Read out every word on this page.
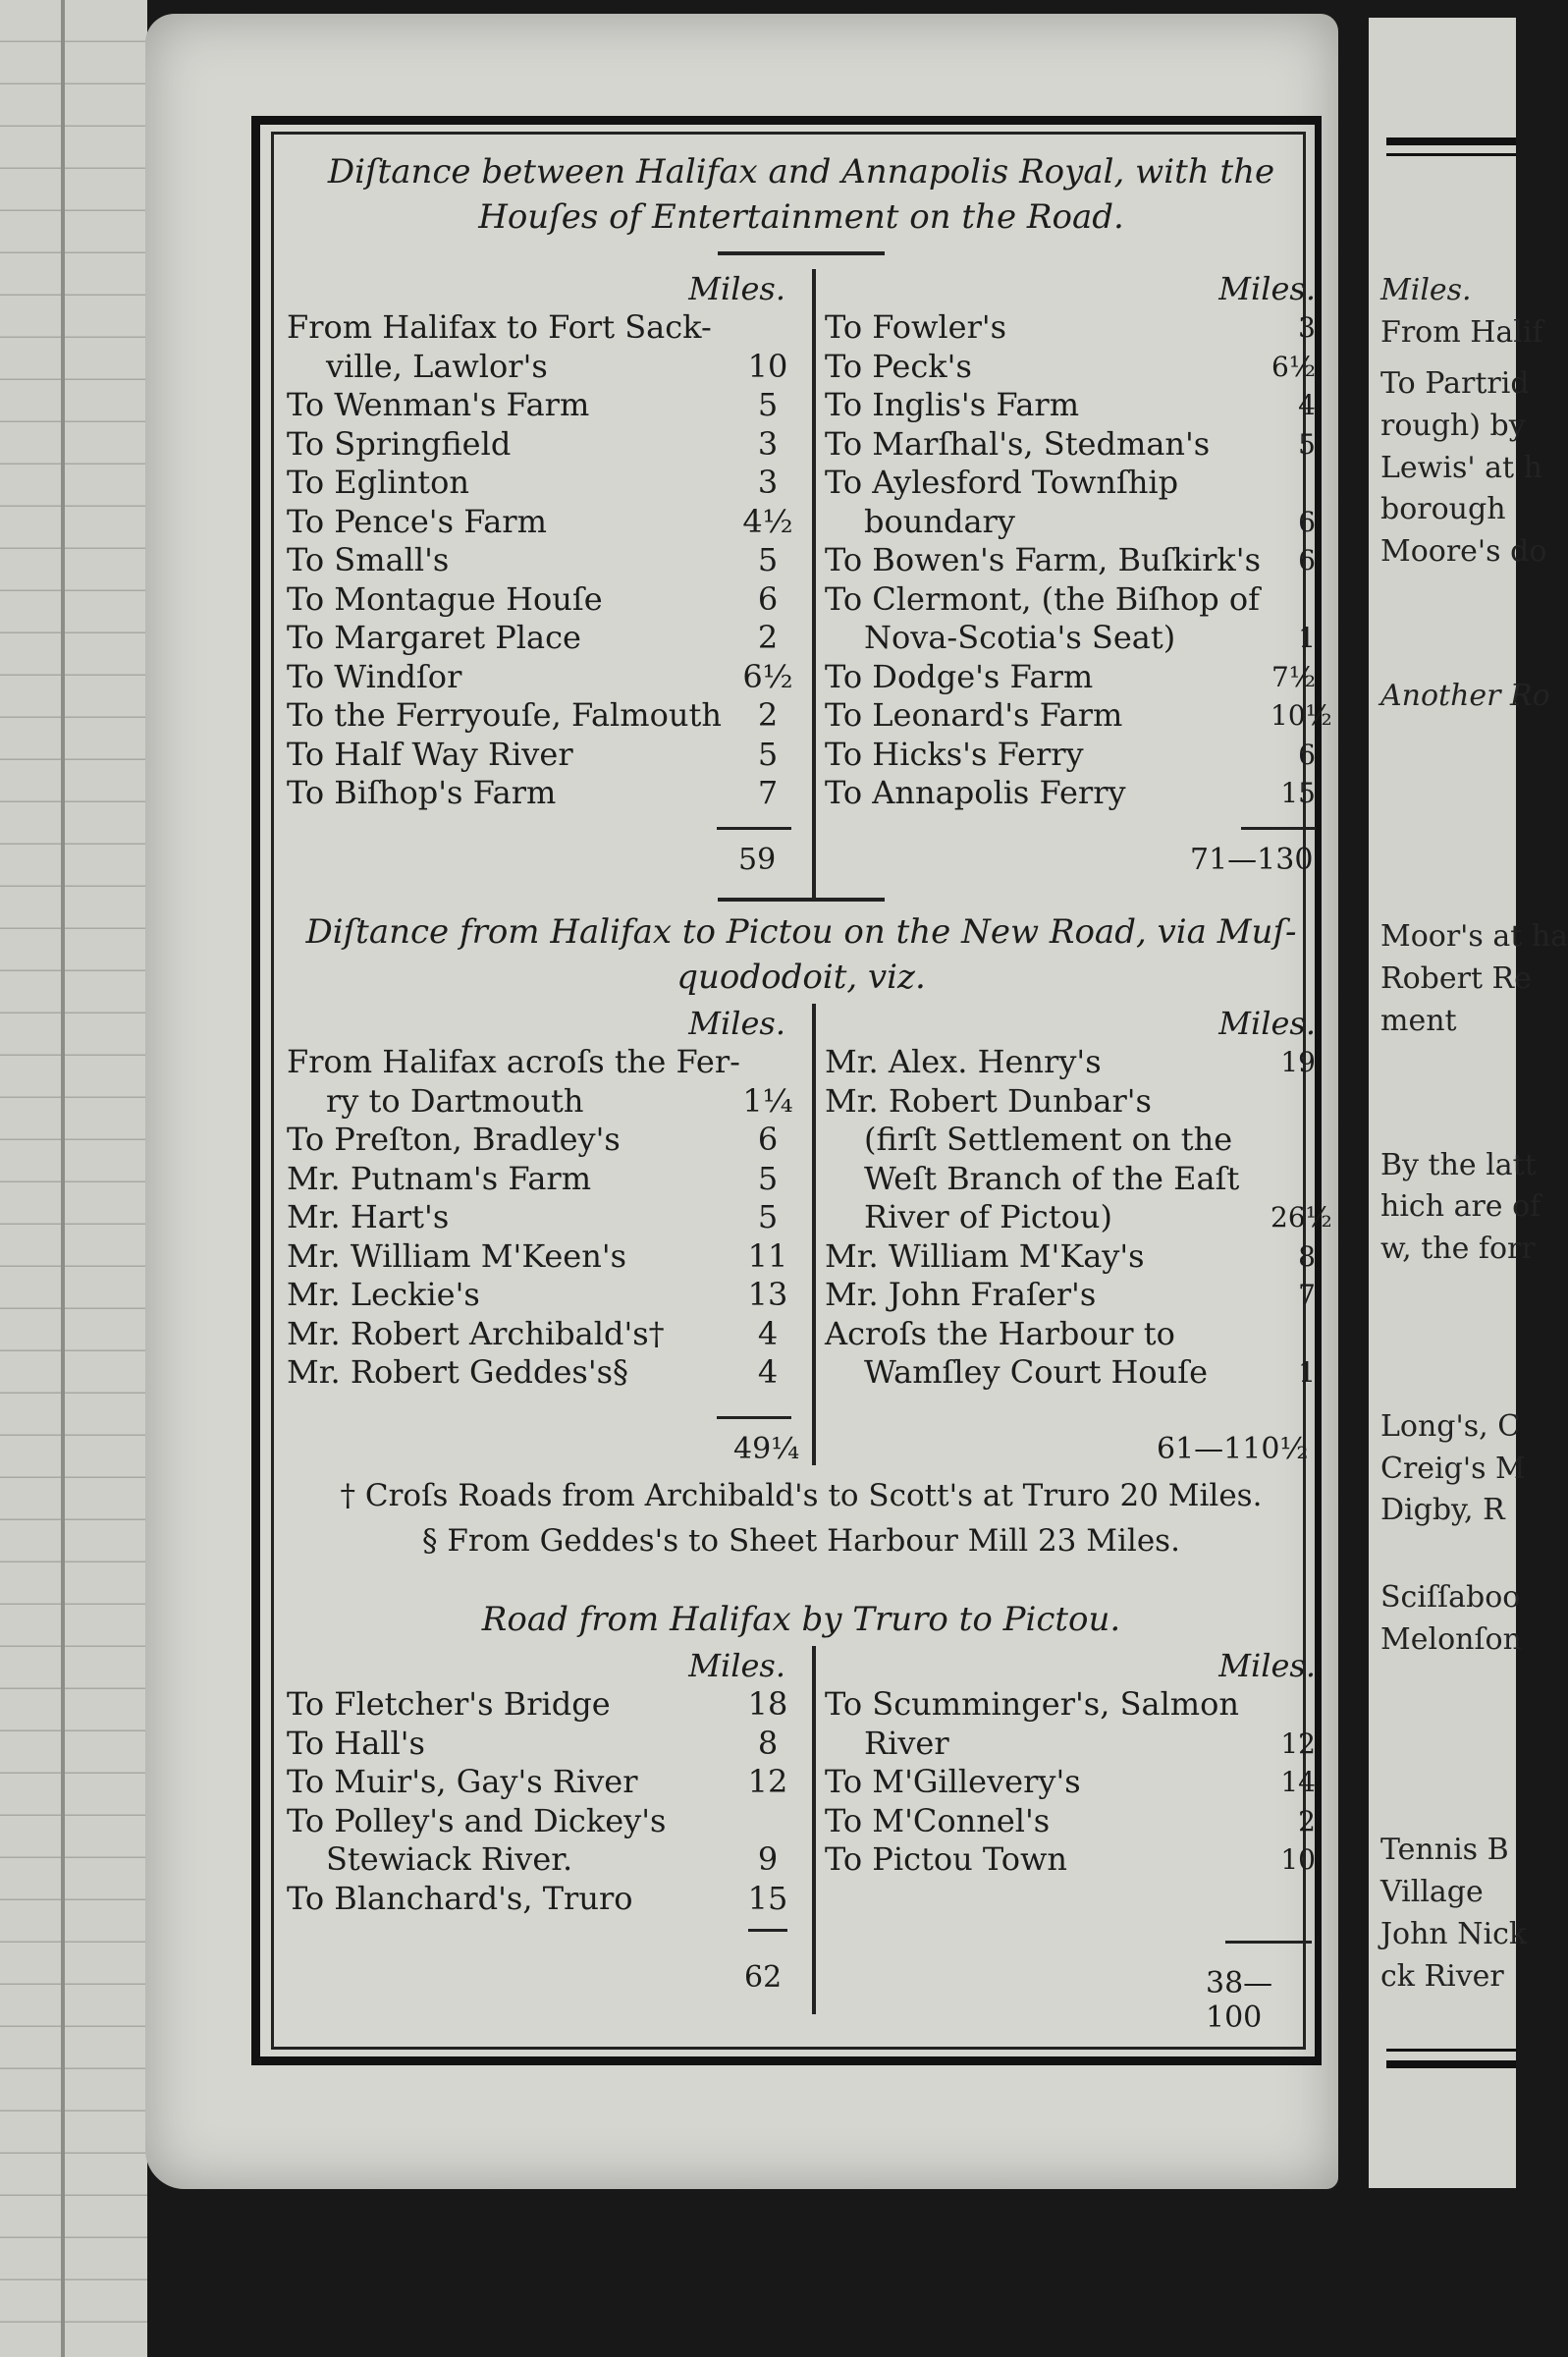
Miles.
From Halif
To Partrid
rough) by
Lewis' at h
borough
Moore's do
Another Ro
Moor's at ha
Robert Re
ment
By the latt
hich are of
w, the forr
Long's, C
Creig's M
Digby, R
Sciſſaboo
Melonſon
Tennis B
Village
John Nick
ck River
Diſtance between Halifax and Annapolis Royal, with the
Houſes of Entertainment on the Road.
Miles.
From Halifax to Fort Sack-
ville, Lawlor's	10
To Wenman's Farm	5
To Springfield	3
To Eglinton	3
To Pence's Farm	4½
To Small's	5
To Montague Houſe	6
To Margaret Place	2
To Windſor	6½
To the Ferryouſe, Falmouth	2
To Half Way River	5
To Biſhop's Farm	7
Miles.
To Fowler's	3
To Peck's	6½
To Inglis's Farm	4
To Marſhal's, Stedman's	5
To Aylesford Townſhip
boundary	6
To Bowen's Farm, Buſkirk's	6
To Clermont, (the Biſhop of
Nova-Scotia's Seat)	1
To Dodge's Farm	7½
To Leonard's Farm	10½
To Hicks's Ferry	6
To Annapolis Ferry	15
59	71—130
Diſtance from Halifax to Pictou on the New Road, via Muſ-
quododoit, viz.
Miles.
From Halifax acroſs the Fer-
ry to Dartmouth	1¼
To Preſton, Bradley's	6
Mr. Putnam's Farm	5
Mr. Hart's	5
Mr. William M'Keen's	11
Mr. Leckie's	13
Mr. Robert Archibald's†	4
Mr. Robert Geddes's§	4
Miles.
Mr. Alex. Henry's	19
Mr. Robert Dunbar's
(firſt Settlement on the
Weſt Branch of the Eaſt
River of Pictou)	26½
Mr. William M'Kay's	8
Mr. John Fraſer's	7
Acroſs the Harbour to
Wamſley Court Houſe	1
49¼	61—110½
† Croſs Roads from Archibald's to Scott's at Truro 20 Miles.
§ From Geddes's to Sheet Harbour Mill 23 Miles.
Road from Halifax by Truro to Pictou.
Miles.
To Fletcher's Bridge	18
To Hall's	8
To Muir's, Gay's River	12
To Polley's and Dickey's
Stewiack River.	9
To Blanchard's, Truro	15
Miles.
To Scumminger's, Salmon
River	12
To M'Gillevery's	14
To M'Connel's	2
To Pictou Town	10
62	38—100
